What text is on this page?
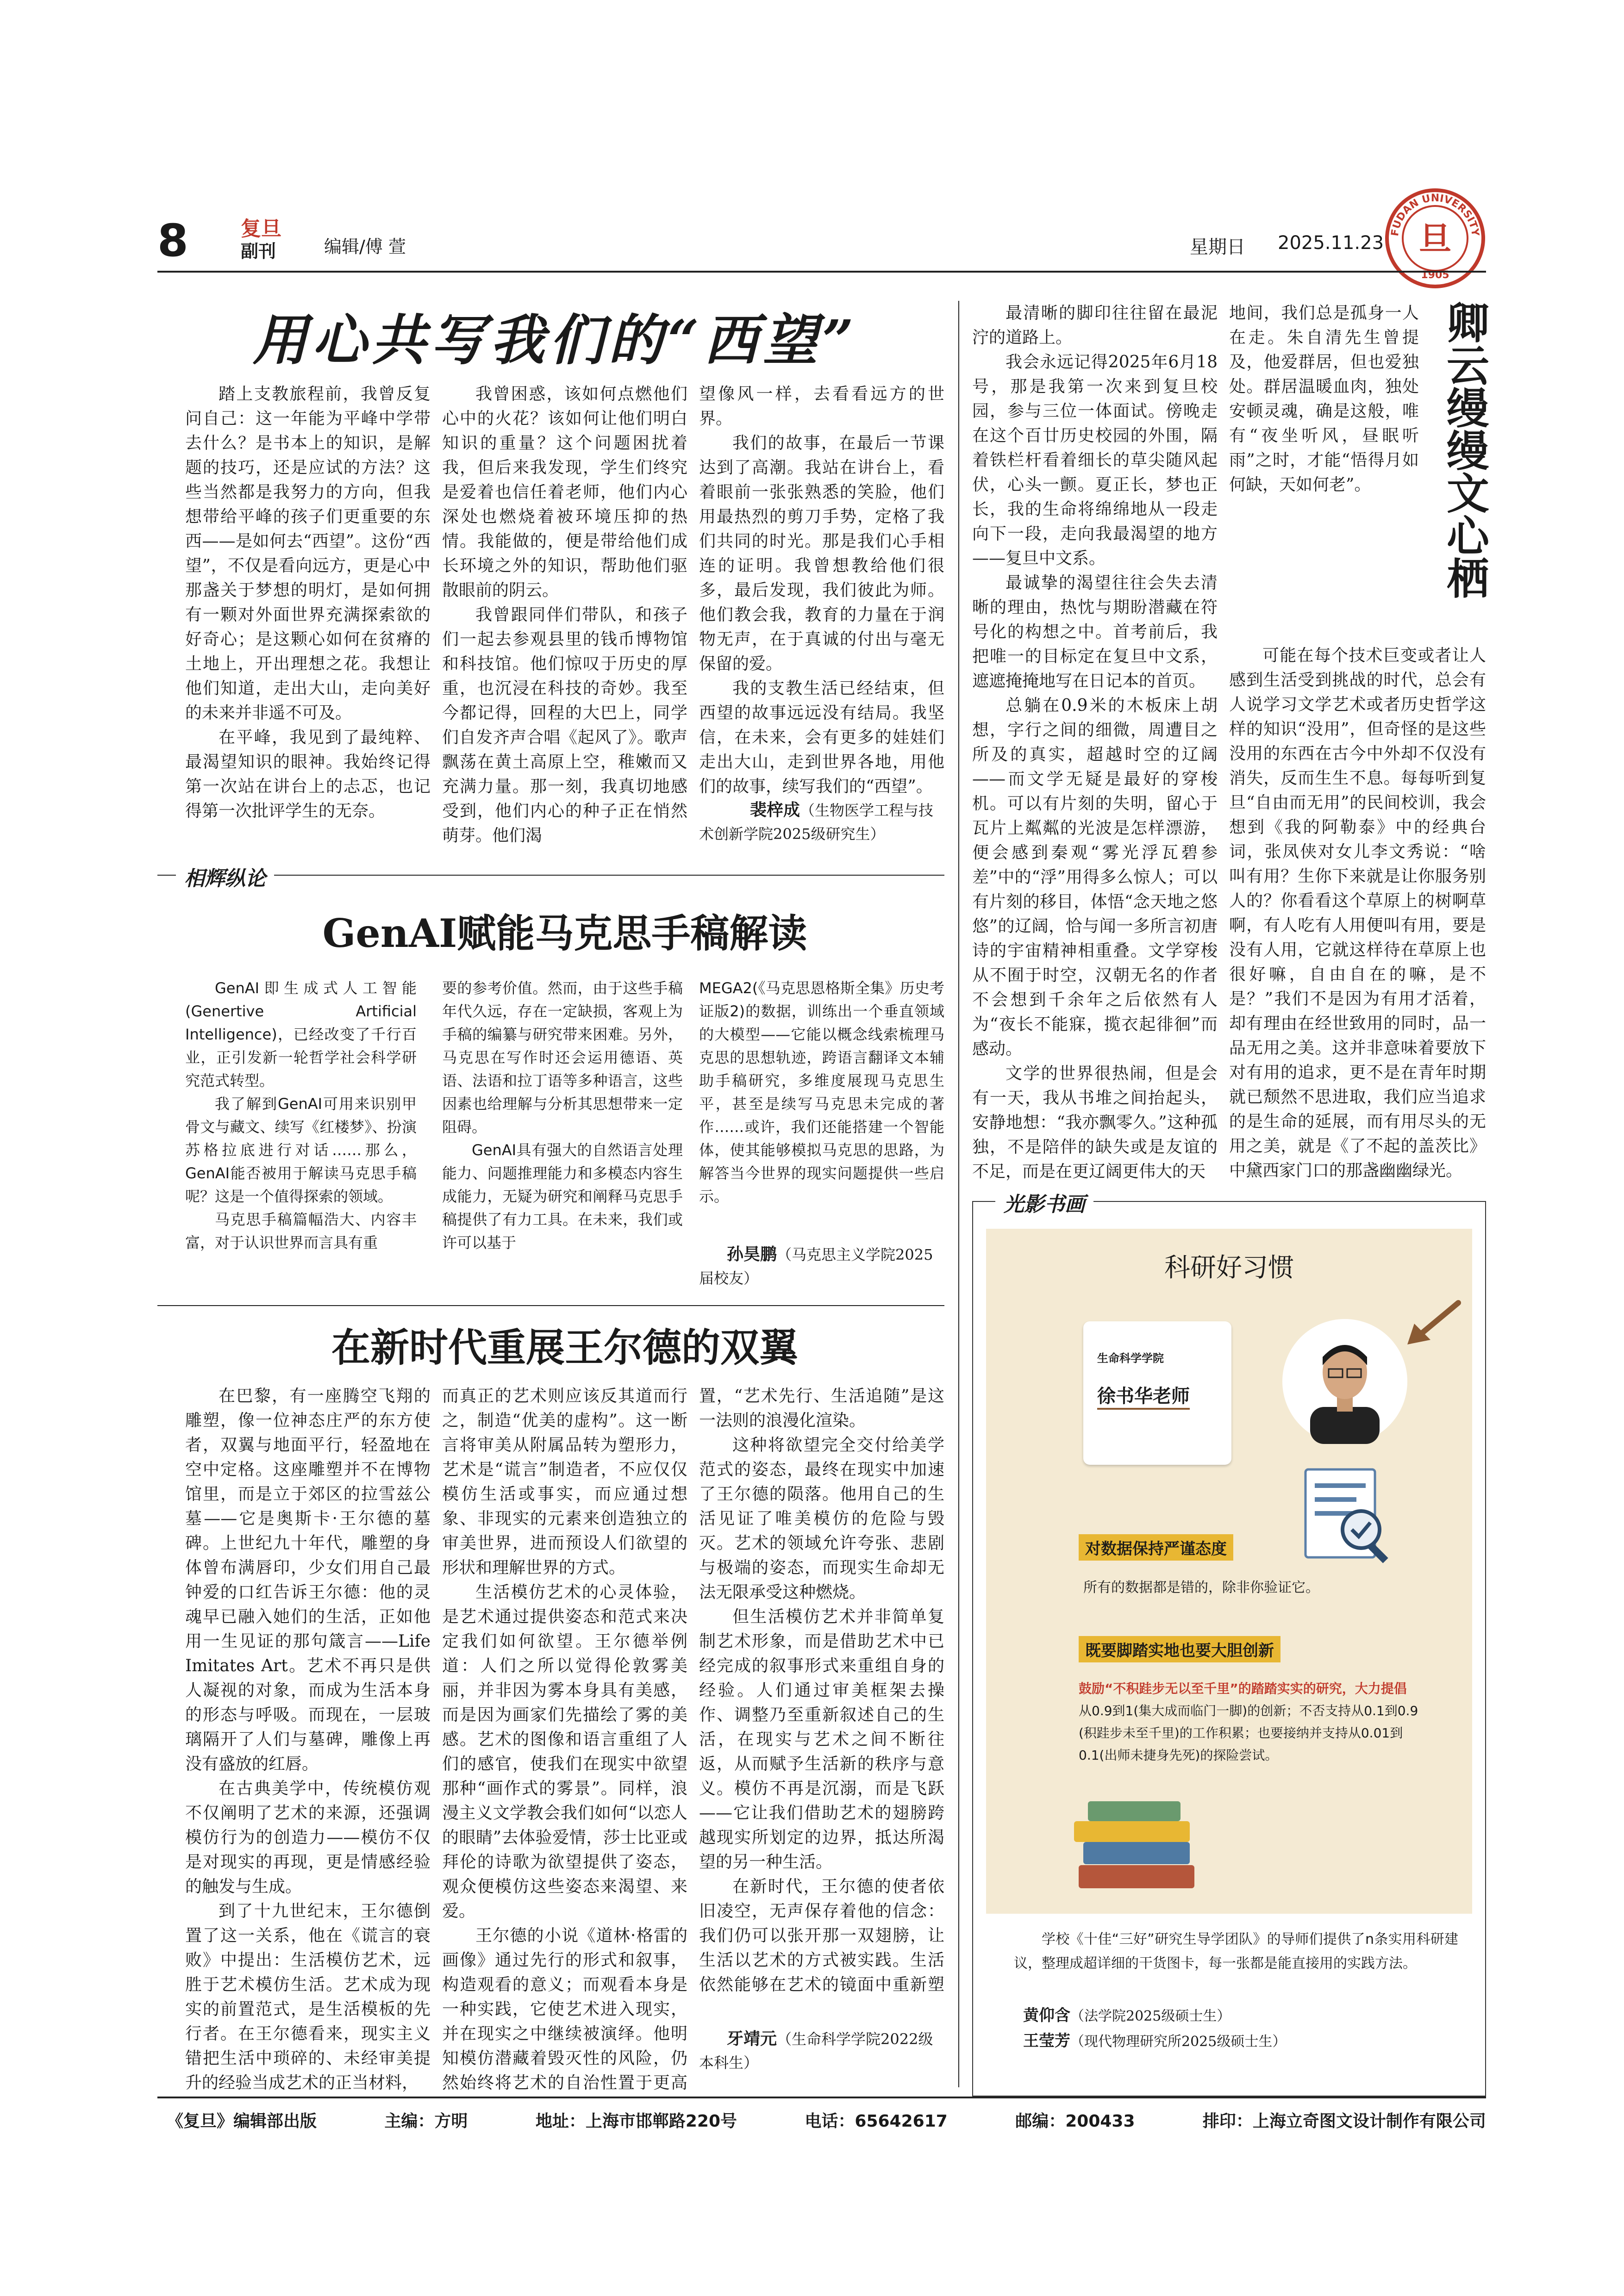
8	复旦
副刊	编辑/傅 萱	星期日 2025.11.23 FUDAN UNIVERSITY
旦
1905
用心共写我们的“西望”

踏上支教旅程前，我曾反复问自己：这一年能为平峰中学带去什么？是书本上的知识，是解题的技巧，还是应试的方法？这些当然都是我努力的方向，但我想带给平峰的孩子们更重要的东西——是如何去“西望”。这份“西望”，不仅是看向远方，更是心中那盏关于梦想的明灯，是如何拥有一颗对外面世界充满探索欲的好奇心；是这颗心如何在贫瘠的土地上，开出理想之花。我想让他们知道，走出大山，走向美好的未来并非遥不可及。

在平峰，我见到了最纯粹、最渴望知识的眼神。我始终记得第一次站在讲台上的忐忑，也记得第一次批评学生的无奈。

我曾困惑，该如何点燃他们心中的火花？该如何让他们明白知识的重量？这个问题困扰着我，但后来我发现，学生们终究是爱着也信任着老师，他们内心深处也燃烧着被环境压抑的热情。我能做的，便是带给他们成长环境之外的知识，帮助他们驱散眼前的阴云。

我曾跟同伴们带队，和孩子们一起去参观县里的钱币博物馆和科技馆。他们惊叹于历史的厚重，也沉浸在科技的奇妙。我至今都记得，回程的大巴上，同学们自发齐声合唱《起风了》。歌声飘荡在黄土高原上空，稚嫩而又充满力量。那一刻，我真切地感受到，他们内心的种子正在悄然萌芽。他们渴

望像风一样，去看看远方的世界。

我们的故事，在最后一节课达到了高潮。我站在讲台上，看着眼前一张张熟悉的笑脸，他们用最热烈的剪刀手势，定格了我们共同的时光。那是我们心手相连的证明。我曾想教给他们很多，最后发现，我们彼此为师。他们教会我，教育的力量在于润物无声，在于真诚的付出与毫无保留的爱。

我的支教生活已经结束，但西望的故事远远没有结局。我坚信，在未来，会有更多的娃娃们走出大山，走到世界各地，用他们的故事，续写我们的“西望”。

裴梓成（生物医学工程与技术创新学院2025级研究生）
相辉纵论
GenAI赋能马克思手稿解读

GenAI即生成式人工智能(Genertive Artificial Intelligence)，已经改变了千行百业，正引发新一轮哲学社会科学研究范式转型。

我了解到GenAI可用来识别甲骨文与藏文、续写《红楼梦》、扮演苏格拉底进行对话……那么，GenAI能否被用于解读马克思手稿呢？这是一个值得探索的领域。

马克思手稿篇幅浩大、内容丰富，对于认识世界而言具有重

要的参考价值。然而，由于这些手稿年代久远，存在一定缺损，客观上为手稿的编纂与研究带来困难。另外，马克思在写作时还会运用德语、英语、法语和拉丁语等多种语言，这些因素也给理解与分析其思想带来一定阻碍。

GenAI具有强大的自然语言处理能力、问题推理能力和多模态内容生成能力，无疑为研究和阐释马克思手稿提供了有力工具。在未来，我们或许可以基于

MEGA2(《马克思恩格斯全集》历史考证版2)的数据，训练出一个垂直领域的大模型——它能以概念线索梳理马克思的思想轨迹，跨语言翻译文本辅助手稿研究，多维度展现马克思生平，甚至是续写马克思未完成的著作……或许，我们还能搭建一个智能体，使其能够模拟马克思的思路，为解答当今世界的现实问题提供一些启示。

孙昊鹏（马克思主义学院2025届校友）
在新时代重展王尔德的双翼

在巴黎，有一座腾空飞翔的雕塑，像一位神态庄严的东方使者，双翼与地面平行，轻盈地在空中定格。这座雕塑并不在博物馆里，而是立于郊区的拉雪兹公墓——它是奥斯卡·王尔德的墓碑。上世纪九十年代，雕塑的身体曾布满唇印，少女们用自己最钟爱的口红告诉王尔德：他的灵魂早已融入她们的生活，正如他用一生见证的那句箴言——Life Imitates Art。艺术不再只是供人凝视的对象，而成为生活本身的形态与呼吸。而现在，一层玻璃隔开了人们与墓碑，雕像上再没有盛放的红唇。

在古典美学中，传统模仿观不仅阐明了艺术的来源，还强调模仿行为的创造力——模仿不仅是对现实的再现，更是情感经验的触发与生成。

到了十九世纪末，王尔德倒置了这一关系，他在《谎言的衰败》中提出：生活模仿艺术，远胜于艺术模仿生活。艺术成为现实的前置范式，是生活模板的先行者。在王尔德看来，现实主义错把生活中琐碎的、未经审美提升的经验当成艺术的正当材料，

而真正的艺术则应该反其道而行之，制造“优美的虚构”。这一断言将审美从附属品转为塑形力，艺术是“谎言”制造者，不应仅仅模仿生活或事实，而应通过想象、非现实的元素来创造独立的审美世界，进而预设人们欲望的形状和理解世界的方式。

生活模仿艺术的心灵体验，是艺术通过提供姿态和范式来决定我们如何欲望。王尔德举例道：人们之所以觉得伦敦雾美丽，并非因为雾本身具有美感，而是因为画家们先描绘了雾的美感。艺术的图像和语言重组了人们的感官，使我们在现实中欲望那种“画作式的雾景”。同样，浪漫主义文学教会我们如何“以恋人的眼睛”去体验爱情，莎士比亚或拜伦的诗歌为欲望提供了姿态，观众便模仿这些姿态来渴望、来爱。

王尔德的小说《道林·格雷的画像》通过先行的形式和叙事，构造观看的意义；而观看本身是一种实践，它使艺术进入现实，并在现实之中继续被演绎。他明知模仿潜藏着毁灭性的风险，仍然始终将艺术的自治性置于更高

置，“艺术先行、生活追随”是这一法则的浪漫化渲染。

这种将欲望完全交付给美学范式的姿态，最终在现实中加速了王尔德的陨落。他用自己的生活见证了唯美模仿的危险与毁灭。艺术的领域允许夸张、悲剧与极端的姿态，而现实生命却无法无限承受这种燃烧。

但生活模仿艺术并非简单复制艺术形象，而是借助艺术中已经完成的叙事形式来重组自身的经验。人们通过审美框架去操作、调整乃至重新叙述自己的生活，在现实与艺术之间不断往返，从而赋予生活新的秩序与意义。模仿不再是沉溺，而是飞跃——它让我们借助艺术的翅膀跨越现实所划定的边界，抵达所渴望的另一种生活。

在新时代，王尔德的使者依旧凌空，无声保存着他的信念：我们仍可以张开那一双翅膀，让生活以艺术的方式被实践。生活依然能够在艺术的镜面中重新塑

牙靖元（生命科学学院2022级本科生）
卿云缦缦文心栖

最清晰的脚印往往留在最泥泞的道路上。

我会永远记得2025年6月18号，那是我第一次来到复旦校园，参与三位一体面试。傍晚走在这个百廿历史校园的外围，隔着铁栏杆看着细长的草尖随风起伏，心头一颤。夏正长，梦也正长，我的生命将绵绵地从一段走向下一段，走向我最渴望的地方——复旦中文系。

最诚挚的渴望往往会失去清晰的理由，热忱与期盼潜藏在符号化的构想之中。首考前后，我把唯一的目标定在复旦中文系，遮遮掩掩地写在日记本的首页。

总躺在0.9米的木板床上胡想，字行之间的细微，周遭目之所及的真实，超越时空的辽阔——而文学无疑是最好的穿梭机。可以有片刻的失明，留心于瓦片上粼粼的光波是怎样漂游，便会感到秦观“雾光浮瓦碧参差”中的“浮”用得多么惊人；可以有片刻的移目，体悟“念天地之悠悠”的辽阔，恰与闻一多所言初唐诗的宇宙精神相重叠。文学穿梭从不囿于时空，汉朝无名的作者不会想到千余年之后依然有人为“夜长不能寐，揽衣起徘徊”而感动。

文学的世界很热闹，但是会有一天，我从书堆之间抬起头，安静地想：“我亦飘零久。”这种孤独，不是陪伴的缺失或是友谊的不足，而是在更辽阔更伟大的天

地间，我们总是孤身一人在走。朱自清先生曾提及，他爱群居，但也爱独处。群居温暖血肉，独处安顿灵魂，确是这般，唯有“夜坐听风，昼眠听雨”之时，才能“悟得月如何缺，天如何老”。

可能在每个技术巨变或者让人感到生活受到挑战的时代，总会有人说学习文学艺术或者历史哲学这样的知识“没用”，但奇怪的是这些没用的东西在古今中外却不仅没有消失，反而生生不息。每每听到复旦“自由而无用”的民间校训，我会想到《我的阿勒泰》中的经典台词，张凤侠对女儿李文秀说：“啥叫有用？生你下来就是让你服务别人的？你看看这个草原上的树啊草啊，有人吃有人用便叫有用，要是没有人用，它就这样待在草原上也很好嘛，自由自在的嘛，是不是？”我们不是因为有用才活着，却有理由在经世致用的同时，品一品无用之美。这并非意味着要放下对有用的追求，更不是在青年时期就已颓然不思进取，我们应当追求的是生命的延展，而有用尽头的无用之美，就是《了不起的盖茨比》中黛西家门口的那盏幽幽绿光。

光影书画
科研好习惯
生命科学学院
徐书华老师
对数据保持严谨态度
所有的数据都是错的，除非你验证它。
既要脚踏实地也要大胆创新
鼓励“不积跬步无以至千里”的踏踏实实的研究，大力提倡
从0.9到1(集大成而临门一脚)的创新；不否支持从0.1到0.9
(积跬步未至千里)的工作积累；也要接纳并支持从0.01到
0.1(出师未捷身先死)的探险尝试。

学校《十佳“三好”研究生导学团队》的导师们提供了n条实用科研建议，整理成超详细的干货图卡，每一张都是能直接用的实践方法。

黄仰含（法学院2025级硕士生）
王莹芳（现代物理研究所2025级硕士生）
《复旦》编辑部出版	主编：方明	地址：上海市邯郸路220号	电话：65642617	邮编：200433	排印：上海立奇图文设计制作有限公司
